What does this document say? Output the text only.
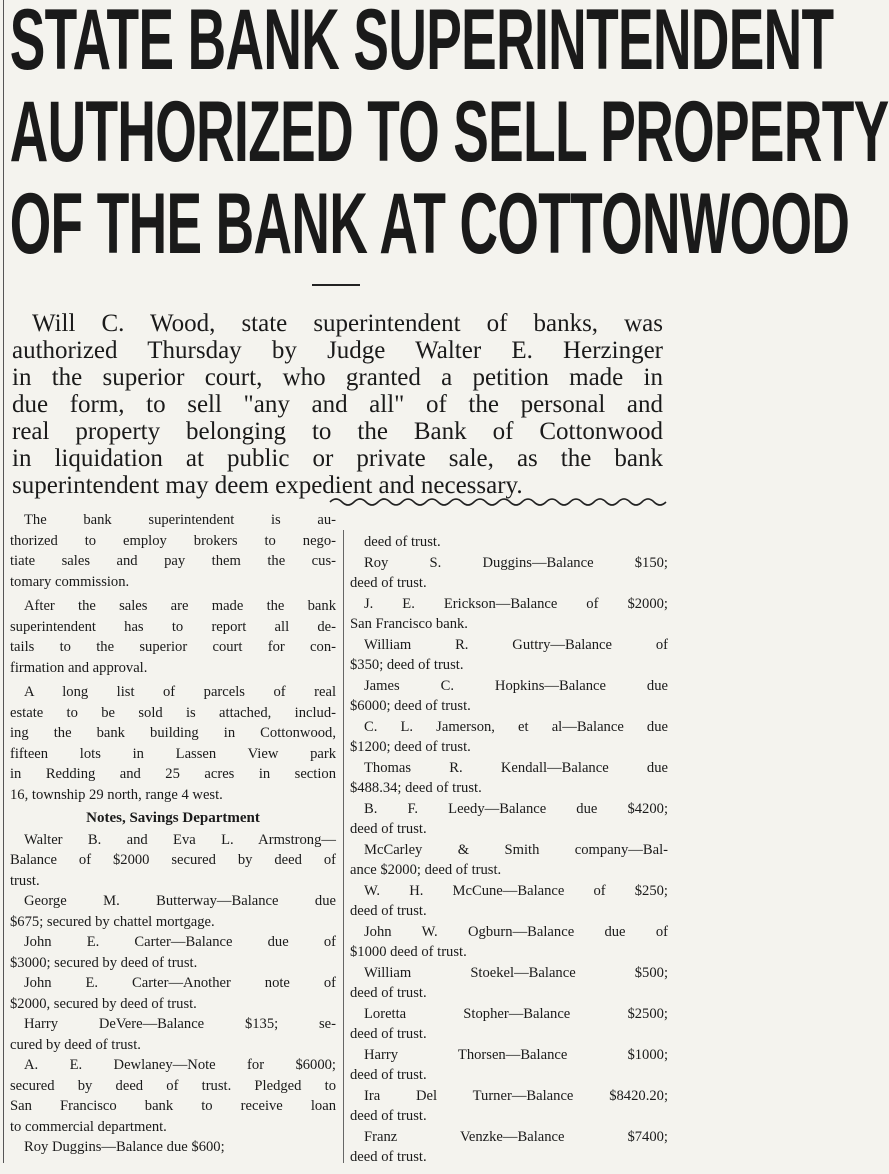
STATE BANK SUPERINTENDENT
AUTHORIZED TO SELL PROPERTY
OF THE BANK AT COTTONWOOD

Will C. Wood, state superintendent of banks, was
authorized Thursday by Judge Walter E. Herzinger
in the superior court, who granted a petition made in
due form, to sell "any and all" of the personal and
real property belonging to the Bank of Cottonwood
in liquidation at public or private sale, as the bank
superintendent may deem expedient and necessary.

The bank superintendent is au-
thorized to employ brokers to nego-
tiate sales and pay them the cus-
tomary commission.

After the sales are made the bank
superintendent has to report all de-
tails to the superior court for con-
firmation and approval.

A long list of parcels of real
estate to be sold is attached, includ-
ing the bank building in Cottonwood,
fifteen lots in Lassen View park
in Redding and 25 acres in section
16, township 29 north, range 4 west.

Notes, Savings Department

Walter B. and Eva L. Armstrong—
Balance of $2000 secured by deed of
trust.

George M. Butterway—Balance due
$675; secured by chattel mortgage.

John E. Carter—Balance due of
$3000; secured by deed of trust.

John E. Carter—Another note of
$2000, secured by deed of trust.

Harry DeVere—Balance $135; se-
cured by deed of trust.

A. E. Dewlaney—Note for $6000;
secured by deed of trust. Pledged to
San Francisco bank to receive loan
to commercial department.

Roy Duggins—Balance due $600;

deed of trust.

Roy S. Duggins—Balance $150;
deed of trust.

J. E. Erickson—Balance of $2000;
San Francisco bank.

William R. Guttry—Balance of
$350; deed of trust.

James C. Hopkins—Balance due
$6000; deed of trust.

C. L. Jamerson, et al—Balance due
$1200; deed of trust.

Thomas R. Kendall—Balance due
$488.34; deed of trust.

B. F. Leedy—Balance due $4200;
deed of trust.

McCarley & Smith company—Bal-
ance $2000; deed of trust.

W. H. McCune—Balance of $250;
deed of trust.

John W. Ogburn—Balance due of
$1000 deed of trust.

William Stoekel—Balance $500;
deed of trust.

Loretta Stopher—Balance $2500;
deed of trust.

Harry Thorsen—Balance $1000;
deed of trust.

Ira Del Turner—Balance $8420.20;
deed of trust.

Franz Venzke—Balance $7400;
deed of trust.
